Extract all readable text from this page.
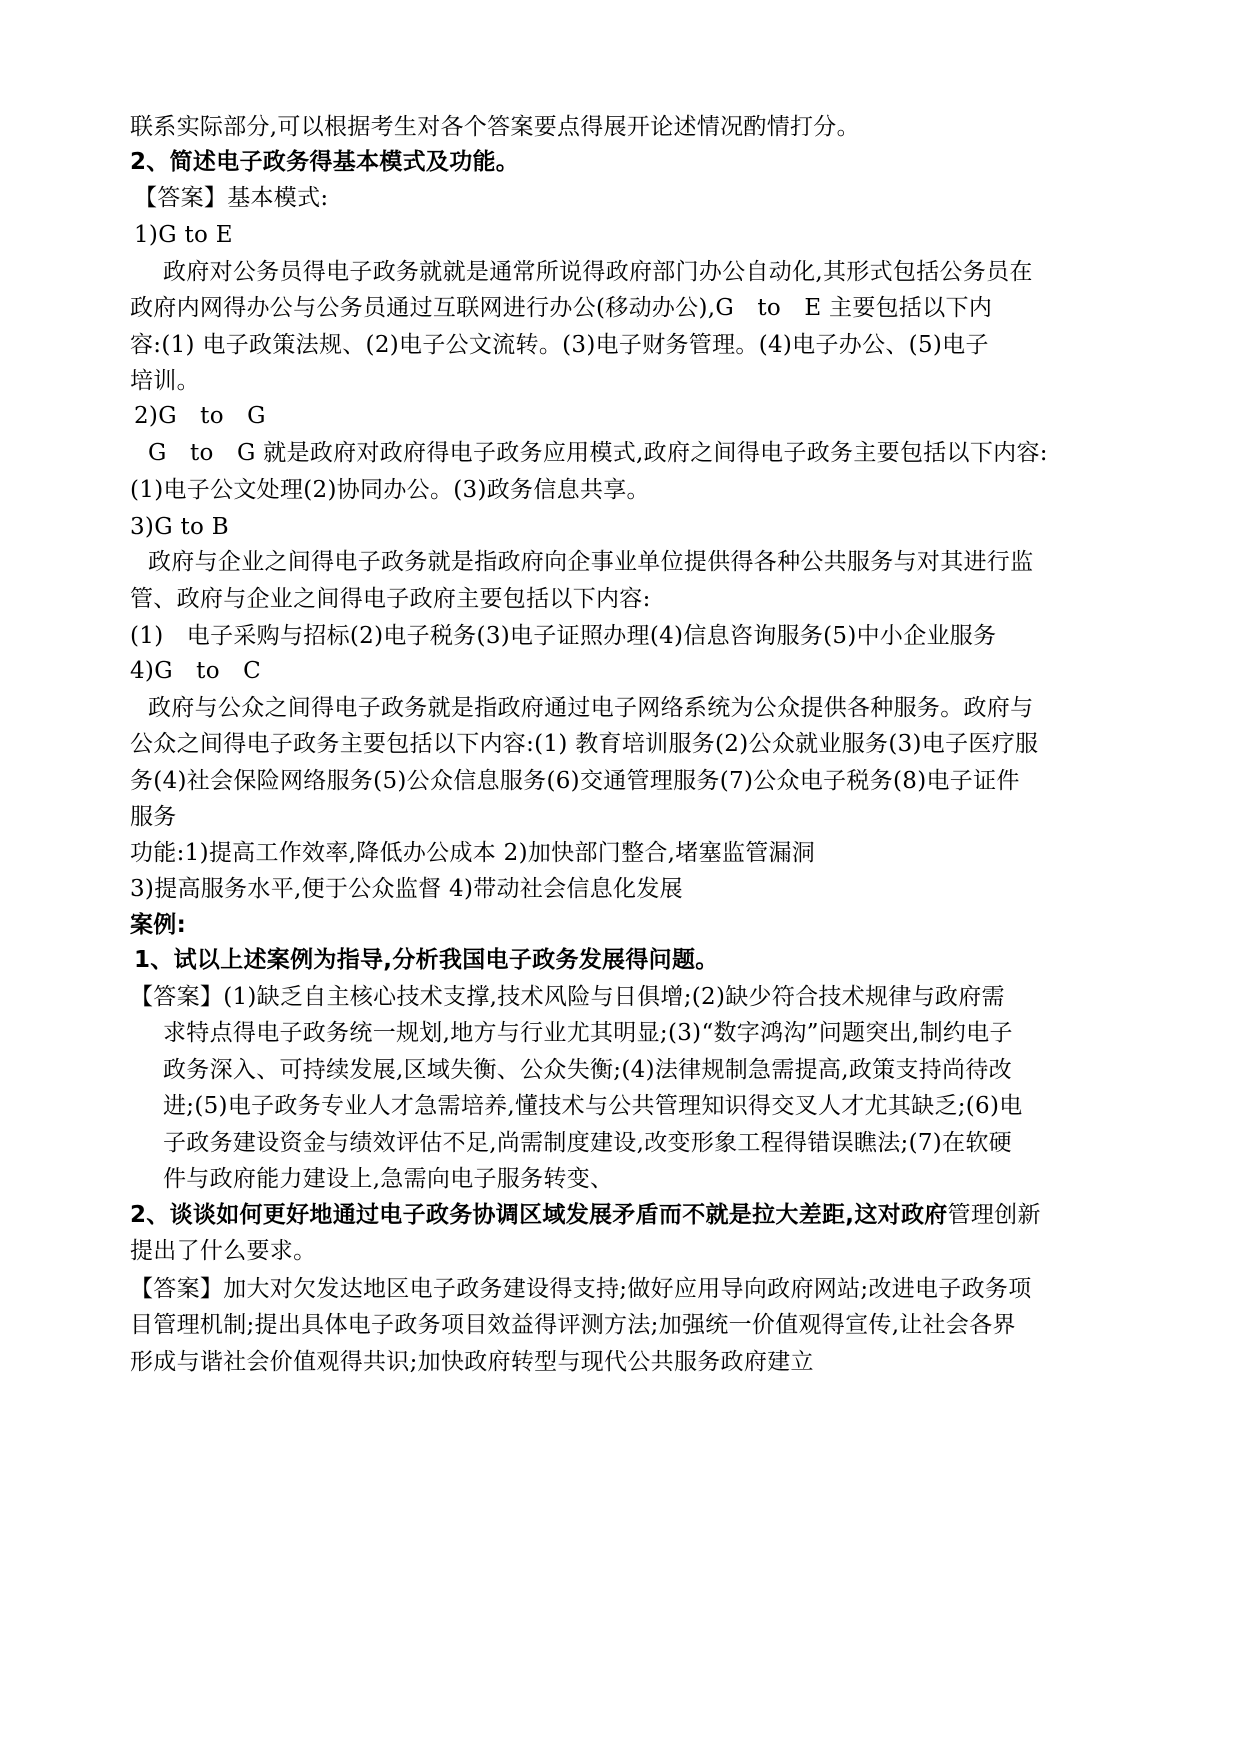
联系实际部分,可以根据考生对各个答案要点得展开论述情况酌情打分。
2、简述电子政务得基本模式及功能。
【答案】基本模式:
1)G to E
政府对公务员得电子政务就就是通常所说得政府部门办公自动化,其形式包括公务员在
政府内网得办公与公务员通过互联网进行办公(移动办公),G　to　E 主要包括以下内
容:(1) 电子政策法规、(2)电子公文流转。(3)电子财务管理。(4)电子办公、(5)电子
培训。
2)G　to　G
G　to　G 就是政府对政府得电子政务应用模式,政府之间得电子政务主要包括以下内容:
(1)电子公文处理(2)协同办公。(3)政务信息共享。
3)G to B
政府与企业之间得电子政务就是指政府向企事业单位提供得各种公共服务与对其进行监
管、政府与企业之间得电子政府主要包括以下内容:
(1)　电子采购与招标(2)电子税务(3)电子证照办理(4)信息咨询服务(5)中小企业服务
4)G　to　C
政府与公众之间得电子政务就是指政府通过电子网络系统为公众提供各种服务。政府与
公众之间得电子政务主要包括以下内容:(1) 教育培训服务(2)公众就业服务(3)电子医疗服
务(4)社会保险网络服务(5)公众信息服务(6)交通管理服务(7)公众电子税务(8)电子证件
服务
功能:1)提高工作效率,降低办公成本 2)加快部门整合,堵塞监管漏洞
3)提高服务水平,便于公众监督 4)带动社会信息化发展
案例:
1、试以上述案例为指导,分析我国电子政务发展得问题。
【答案】(1)缺乏自主核心技术支撑,技术风险与日俱增;(2)缺少符合技术规律与政府需
求特点得电子政务统一规划,地方与行业尤其明显;(3)“数字鸿沟”问题突出,制约电子
政务深入、可持续发展,区域失衡、公众失衡;(4)法律规制急需提高,政策支持尚待改
进;(5)电子政务专业人才急需培养,懂技术与公共管理知识得交叉人才尤其缺乏;(6)电
子政务建设资金与绩效评估不足,尚需制度建设,改变形象工程得错误瞧法;(7)在软硬
件与政府能力建设上,急需向电子服务转变、
2、谈谈如何更好地通过电子政务协调区域发展矛盾而不就是拉大差距,这对政府管理创新
提出了什么要求。
【答案】加大对欠发达地区电子政务建设得支持;做好应用导向政府网站;改进电子政务项
目管理机制;提出具体电子政务项目效益得评测方法;加强统一价值观得宣传,让社会各界
形成与谐社会价值观得共识;加快政府转型与现代公共服务政府建立
